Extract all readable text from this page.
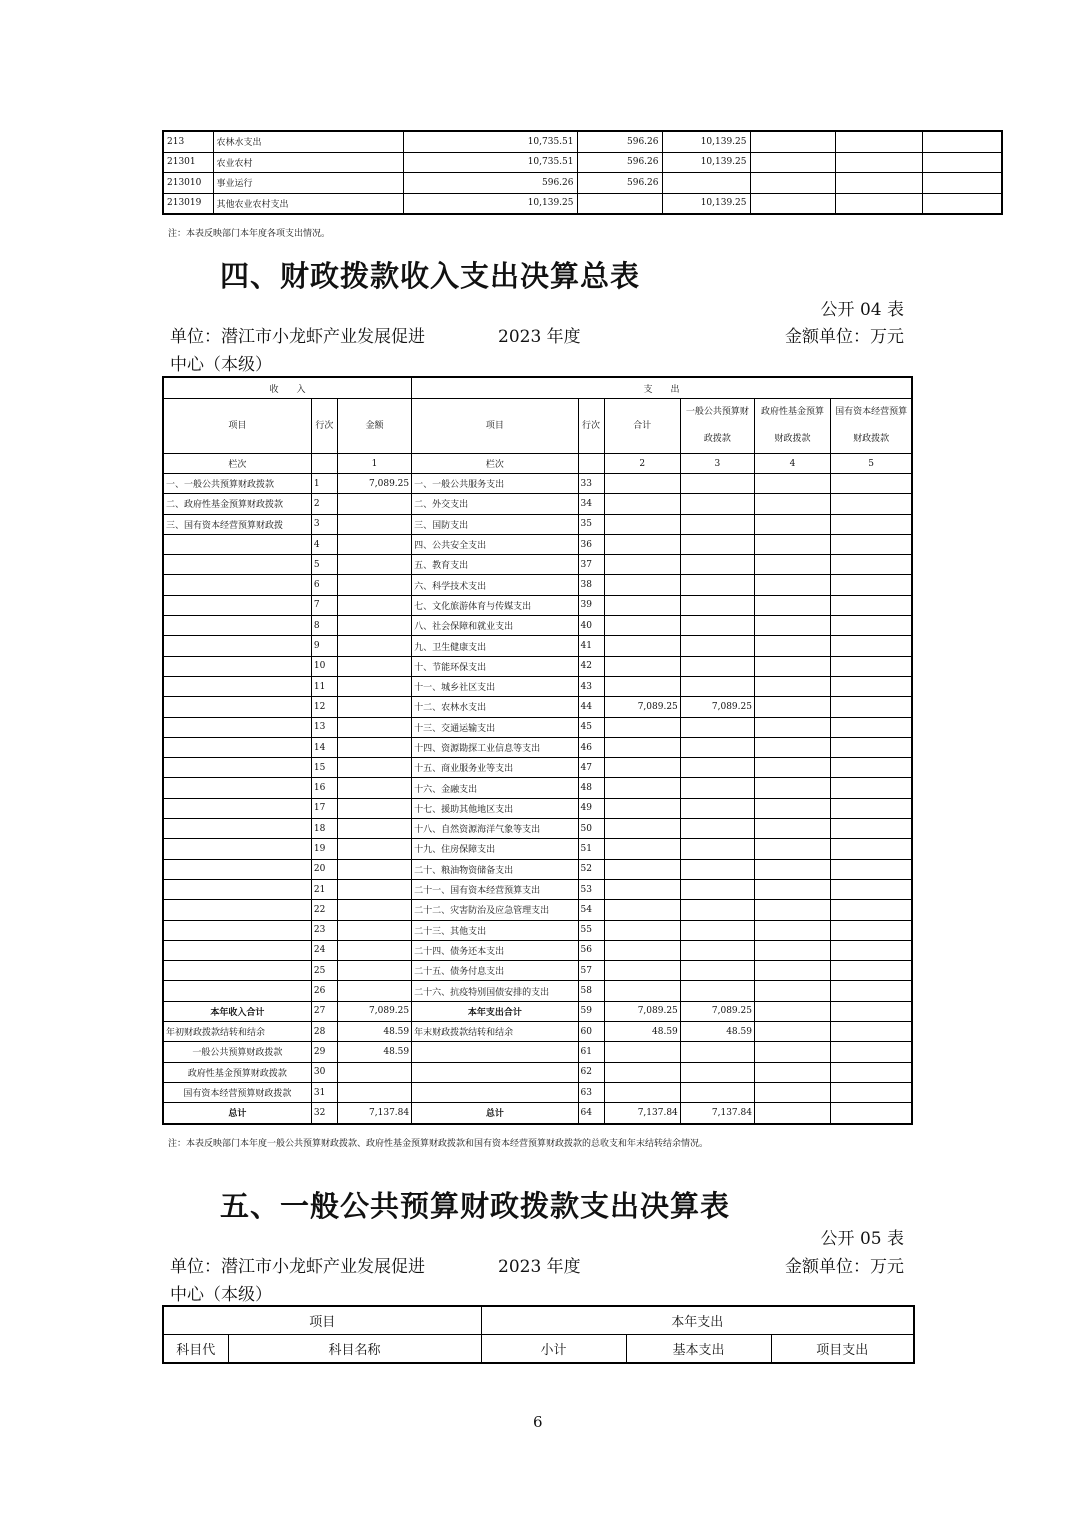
213	农林水支出	10,735.51	596.26	10,139.25			
21301	农业农村	10,735.51	596.26	10,139.25			
213010	事业运行	596.26	596.26				
213019	其他农业农村支出	10,139.25		10,139.25			
注：本表反映部门本年度各项支出情况。
四、财政拨款收入支出决算总表
公开 04 表
单位：潜江市小龙虾产业发展促进	2023 年度	金额单位：万元
中心（本级）
收　　入			支　　出					
项目	行次	金额	项目	行次	合计	一般公共预算财政拨款	政府性基金预算财政拨款	国有资本经营预算财政拨款
栏次		1	栏次		2	3	4	5
一、一般公共预算财政拨款	1	7,089.25	一、一般公共服务支出	33				
二、政府性基金预算财政拨款	2		二、外交支出	34				
三、国有资本经营预算财政拨	3		三、国防支出	35				
	4		四、公共安全支出	36				
	5		五、教育支出	37				
	6		六、科学技术支出	38				
	7		七、文化旅游体育与传媒支出	39				
	8		八、社会保障和就业支出	40				
	9		九、卫生健康支出	41				
	10		十、节能环保支出	42				
	11		十一、城乡社区支出	43				
	12		十二、农林水支出	44	7,089.25	7,089.25		
	13		十三、交通运输支出	45				
	14		十四、资源勘探工业信息等支出	46				
	15		十五、商业服务业等支出	47				
	16		十六、金融支出	48				
	17		十七、援助其他地区支出	49				
	18		十八、自然资源海洋气象等支出	50				
	19		十九、住房保障支出	51				
	20		二十、粮油物资储备支出	52				
	21		二十一、国有资本经营预算支出	53				
	22		二十二、灾害防治及应急管理支出	54				
	23		二十三、其他支出	55				
	24		二十四、债务还本支出	56				
	25		二十五、债务付息支出	57				
	26		二十六、抗疫特别国债安排的支出	58				
本年收入合计	27	7,089.25	本年支出合计	59	7,089.25	7,089.25		
年初财政拨款结转和结余	28	48.59	年末财政拨款结转和结余	60	48.59	48.59		
一般公共预算财政拨款	29	48.59		61				
政府性基金预算财政拨款	30			62				
国有资本经营预算财政拨款	31			63				
总计	32	7,137.84	总计	64	7,137.84	7,137.84		
注：本表反映部门本年度一般公共预算财政拨款、政府性基金预算财政拨款和国有资本经营预算财政拨款的总收支和年末结转结余情况。
五、一般公共预算财政拨款支出决算表
公开 05 表
单位：潜江市小龙虾产业发展促进	2023 年度	金额单位：万元
中心（本级）
项目		本年支出		
科目代	科目名称	小计	基本支出	项目支出
6
